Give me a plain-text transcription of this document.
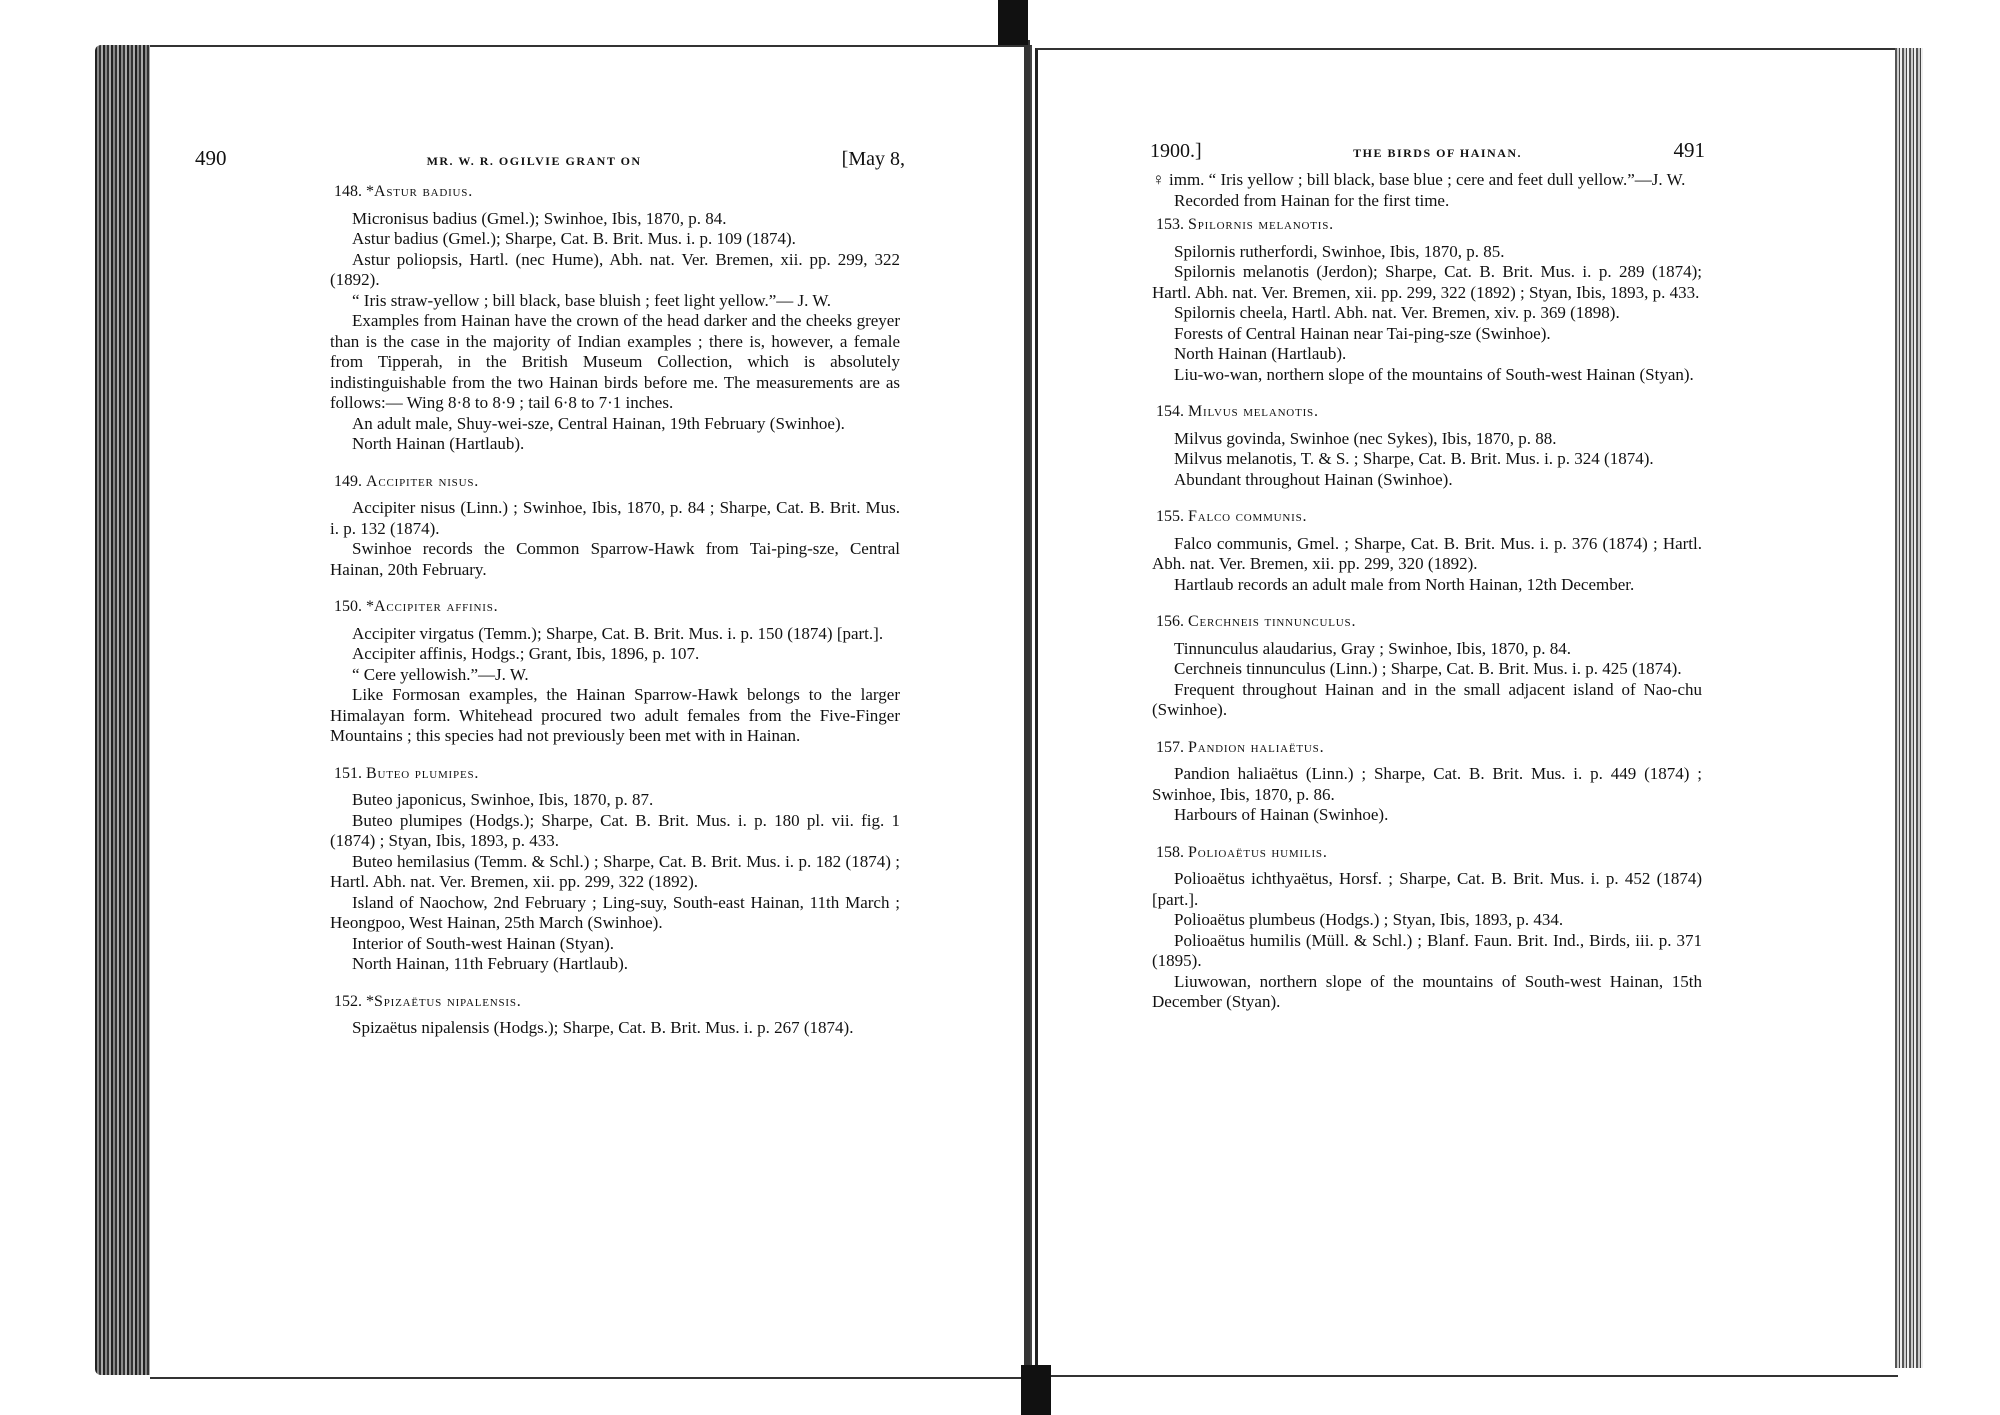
490	MR. W. R. OGILVIE GRANT ON	[May 8,
148. *Astur badius.

Micronisus badius (Gmel.); Swinhoe, Ibis, 1870, p. 84.

Astur badius (Gmel.); Sharpe, Cat. B. Brit. Mus. i. p. 109 (1874).

Astur poliopsis, Hartl. (nec Hume), Abh. nat. Ver. Bremen, xii. pp. 299, 322 (1892).

“ Iris straw-yellow ; bill black, base bluish ; feet light yellow.”— J. W.

Examples from Hainan have the crown of the head darker and the cheeks greyer than is the case in the majority of Indian examples ; there is, however, a female from Tipperah, in the British Museum Collection, which is absolutely indistinguishable from the two Hainan birds before me. The measurements are as follows:— Wing 8·8 to 8·9 ; tail 6·8 to 7·1 inches.

An adult male, Shuy-wei-sze, Central Hainan, 19th February (Swinhoe).

North Hainan (Hartlaub).

149. Accipiter nisus.

Accipiter nisus (Linn.) ; Swinhoe, Ibis, 1870, p. 84 ; Sharpe, Cat. B. Brit. Mus. i. p. 132 (1874).

Swinhoe records the Common Sparrow-Hawk from Tai-ping-sze, Central Hainan, 20th February.

150. *Accipiter affinis.

Accipiter virgatus (Temm.); Sharpe, Cat. B. Brit. Mus. i. p. 150 (1874) [part.].

Accipiter affinis, Hodgs.; Grant, Ibis, 1896, p. 107.

“ Cere yellowish.”—J. W.

Like Formosan examples, the Hainan Sparrow-Hawk belongs to the larger Himalayan form. Whitehead procured two adult females from the Five-Finger Mountains ; this species had not previously been met with in Hainan.

151. Buteo plumipes.

Buteo japonicus, Swinhoe, Ibis, 1870, p. 87.

Buteo plumipes (Hodgs.); Sharpe, Cat. B. Brit. Mus. i. p. 180 pl. vii. fig. 1 (1874) ; Styan, Ibis, 1893, p. 433.

Buteo hemilasius (Temm. & Schl.) ; Sharpe, Cat. B. Brit. Mus. i. p. 182 (1874) ; Hartl. Abh. nat. Ver. Bremen, xii. pp. 299, 322 (1892).

Island of Naochow, 2nd February ; Ling-suy, South-east Hainan, 11th March ; Heongpoo, West Hainan, 25th March (Swinhoe).

Interior of South-west Hainan (Styan).

North Hainan, 11th February (Hartlaub).

152. *Spizaëtus nipalensis.

Spizaëtus nipalensis (Hodgs.); Sharpe, Cat. B. Brit. Mus. i. p. 267 (1874).

1900.]	THE BIRDS OF HAINAN.	491

♀ imm. “ Iris yellow ; bill black, base blue ; cere and feet dull yellow.”—J. W.

Recorded from Hainan for the first time.

153. Spilornis melanotis.

Spilornis rutherfordi, Swinhoe, Ibis, 1870, p. 85.

Spilornis melanotis (Jerdon); Sharpe, Cat. B. Brit. Mus. i. p. 289 (1874); Hartl. Abh. nat. Ver. Bremen, xii. pp. 299, 322 (1892) ; Styan, Ibis, 1893, p. 433.

Spilornis cheela, Hartl. Abh. nat. Ver. Bremen, xiv. p. 369 (1898).

Forests of Central Hainan near Tai-ping-sze (Swinhoe).

North Hainan (Hartlaub).

Liu-wo-wan, northern slope of the mountains of South-west Hainan (Styan).

154. Milvus melanotis.

Milvus govinda, Swinhoe (nec Sykes), Ibis, 1870, p. 88.

Milvus melanotis, T. & S. ; Sharpe, Cat. B. Brit. Mus. i. p. 324 (1874).

Abundant throughout Hainan (Swinhoe).

155. Falco communis.

Falco communis, Gmel. ; Sharpe, Cat. B. Brit. Mus. i. p. 376 (1874) ; Hartl. Abh. nat. Ver. Bremen, xii. pp. 299, 320 (1892).

Hartlaub records an adult male from North Hainan, 12th December.

156. Cerchneis tinnunculus.

Tinnunculus alaudarius, Gray ; Swinhoe, Ibis, 1870, p. 84.

Cerchneis tinnunculus (Linn.) ; Sharpe, Cat. B. Brit. Mus. i. p. 425 (1874).

Frequent throughout Hainan and in the small adjacent island of Nao-chu (Swinhoe).

157. Pandion haliaëtus.

Pandion haliaëtus (Linn.) ; Sharpe, Cat. B. Brit. Mus. i. p. 449 (1874) ; Swinhoe, Ibis, 1870, p. 86.

Harbours of Hainan (Swinhoe).

158. Polioaëtus humilis.

Polioaëtus ichthyaëtus, Horsf. ; Sharpe, Cat. B. Brit. Mus. i. p. 452 (1874) [part.].

Polioaëtus plumbeus (Hodgs.) ; Styan, Ibis, 1893, p. 434.

Polioaëtus humilis (Müll. & Schl.) ; Blanf. Faun. Brit. Ind., Birds, iii. p. 371 (1895).

Liuwowan, northern slope of the mountains of South-west Hainan, 15th December (Styan).
